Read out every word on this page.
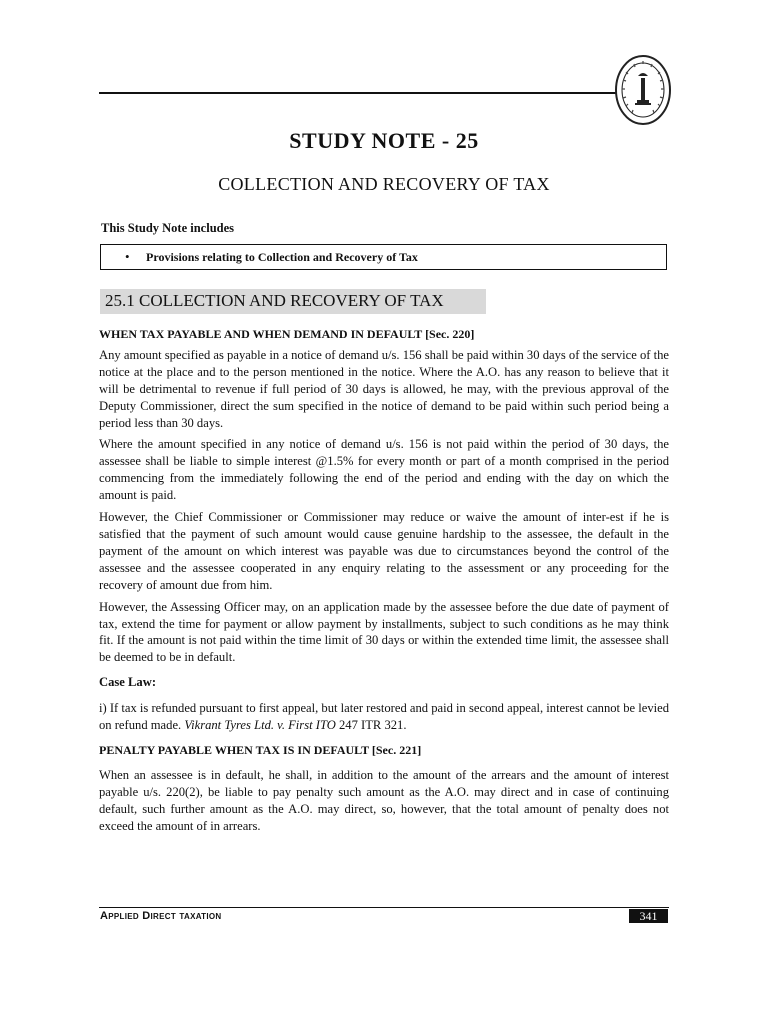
STUDY NOTE - 25
COLLECTION AND RECOVERY OF TAX
This Study Note includes
• Provisions relating to Collection and Recovery of Tax
25.1 COLLECTION AND RECOVERY OF TAX

WHEN TAX PAYABLE AND WHEN DEMAND IN DEFAULT [Sec. 220]

Any amount specified as payable in a notice of demand u/s. 156 shall be paid within 30 days of the service of the notice at the place and to the person mentioned in the notice. Where the A.O. has any reason to believe that it will be detrimental to revenue if full period of 30 days is allowed, he may, with the previous approval of the Deputy Commissioner, direct the sum specified in the notice of demand to be paid within such period being a period less than 30 days.

Where the amount specified in any notice of demand u/s. 156 is not paid within the period of 30 days, the assessee shall be liable to simple interest @1.5% for every month or part of a month comprised in the period commencing from the immediately following the end of the period and ending with the day on which the amount is paid.

However, the Chief Commissioner or Commissioner may reduce or waive the amount of inter-est if he is satisfied that the payment of such amount would cause genuine hardship to the assessee, the default in the payment of the amount on which interest was payable was due to circumstances beyond the control of the assessee and the assessee cooperated in any enquiry relating to the assessment or any proceeding for the recovery of amount due from him.

However, the Assessing Officer may, on an application made by the assessee before the due date of payment of tax, extend the time for payment or allow payment by installments, subject to such conditions as he may think fit. If the amount is not paid within the time limit of 30 days or within the extended time limit, the assessee shall be deemed to be in default.

Case Law:

i) If tax is refunded pursuant to first appeal, but later restored and paid in second appeal, interest cannot be levied on refund made. Vikrant Tyres Ltd. v. First ITO 247 ITR 321.

PENALTY PAYABLE WHEN TAX IS IN DEFAULT [Sec. 221]

When an assessee is in default, he shall, in addition to the amount of the arrears and the amount of interest payable u/s. 220(2), be liable to pay penalty such amount as the A.O. may direct and in case of continuing default, such further amount as the A.O. may direct, so, however, that the total amount of penalty does not exceed the amount of in arrears.

Applied Direct taxation	341
